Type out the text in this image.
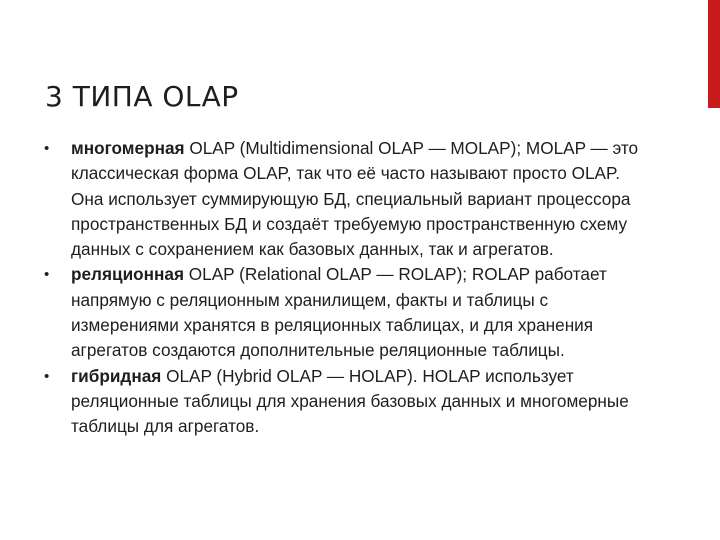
3 ТИПА OLAP
• многомерная OLAP (Multidimensional OLAP — MOLAP); MOLAP — это классическая форма OLAP, так что её часто называют просто OLAP. Она использует суммирующую БД, специальный вариант процессора пространственных БД и создаёт требуемую пространственную схему данных с сохранением как базовых данных, так и агрегатов.
• реляционная OLAP (Relational OLAP — ROLAP); ROLAP работает напрямую с реляционным хранилищем, факты и таблицы с измерениями хранятся в реляционных таблицах, и для хранения агрегатов создаются дополнительные реляционные таблицы.
• гибридная OLAP (Hybrid OLAP — HOLAP). HOLAP использует реляционные таблицы для хранения базовых данных и многомерные таблицы для агрегатов.
